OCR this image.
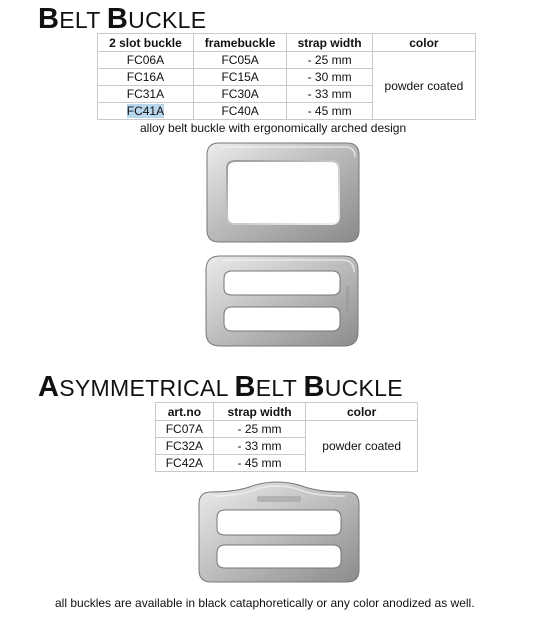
BELT BUCKLE
2 slot buckle	framebuckle	strap width	color
FC06A	FC05A	- 25 mm	powder coated
FC16A	FC15A	- 30 mm	
FC31A	FC30A	- 33 mm	
FC41A	FC40A	- 45 mm	
alloy belt buckle with ergonomically arched design
ASYMMETRICAL BELT BUCKLE
art.no	strap width	color
FC07A	- 25 mm	powder coated
FC32A	- 33 mm	
FC42A	- 45 mm	
all buckles are available in black cataphoretically or any color anodized as well.
